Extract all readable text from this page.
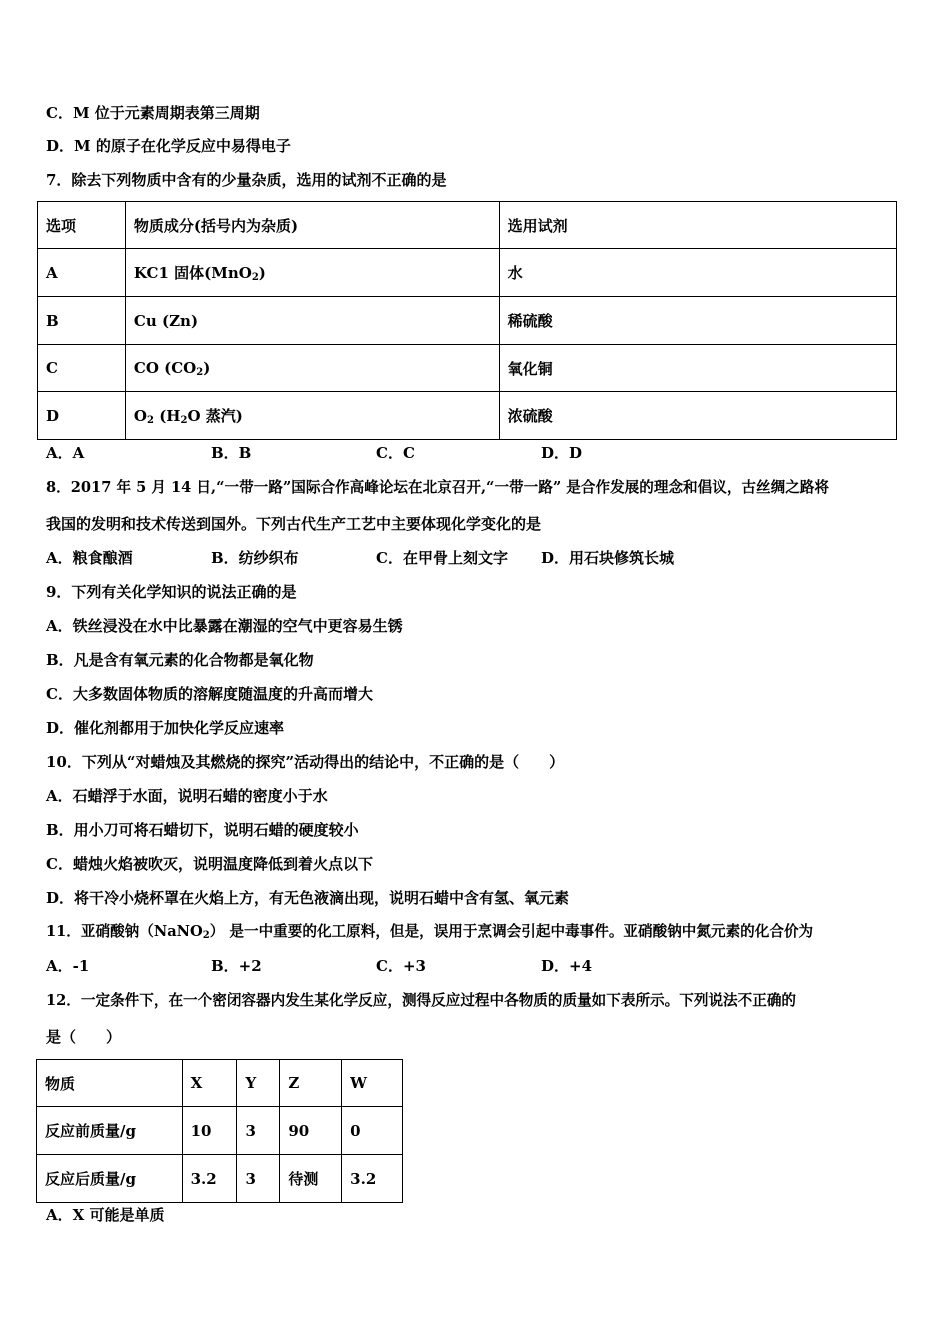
C．M 位于元素周期表第三周期
D．M 的原子在化学反应中易得电子
7．除去下列物质中含有的少量杂质，选用的试剂不正确的是
选项	物质成分(括号内为杂质)	选用试剂
A	KC1 固体(MnO$_2$)	水
B	Cu (Zn)	稀硫酸
C	CO $(CO_2)$	氧化铜
D	$O_2$ ($H_2O$ 蒸汽)	浓硫酸
A．A	B．B	C．C	D．D
8．2017 年 5 月 14 日,“一带一路”国际合作高峰论坛在北京召开,“一带一路” 是合作发展的理念和倡议，古丝绸之路将
我国的发明和技术传送到国外。下列古代生产工艺中主要体现化学变化的是
A．粮食酿酒	B．纺纱织布	C．在甲骨上刻文字 D．用石块修筑长城
9．下列有关化学知识的说法正确的是
A．铁丝浸没在水中比暴露在潮湿的空气中更容易生锈
B．凡是含有氧元素的化合物都是氧化物
C．大多数固体物质的溶解度随温度的升高而增大
D．催化剂都用于加快化学反应速率
10．下列从“对蜡烛及其燃烧的探究”活动得出的结论中，不正确的是（　　）
A．石蜡浮于水面，说明石蜡的密度小于水
B．用小刀可将石蜡切下，说明石蜡的硬度较小
C．蜡烛火焰被吹灭，说明温度降低到着火点以下
D．将干冷小烧杯罩在火焰上方，有无色液滴出现，说明石蜡中含有氢、氧元素
11．亚硝酸钠（NaNO$_2$） 是一中重要的化工原料，但是，误用于烹调会引起中毒事件。亚硝酸钠中氮元素的化合价为
A．-1	B．+2	C．+3	D．+4
12．一定条件下，在一个密闭容器内发生某化学反应，测得反应过程中各物质的质量如下表所示。下列说法不正确的
是（　　）
物质	X	Y	Z	W
反应前质量/g	10	3	90	0
反应后质量/g	3.2	3	待测	3.2
A．X 可能是单质
